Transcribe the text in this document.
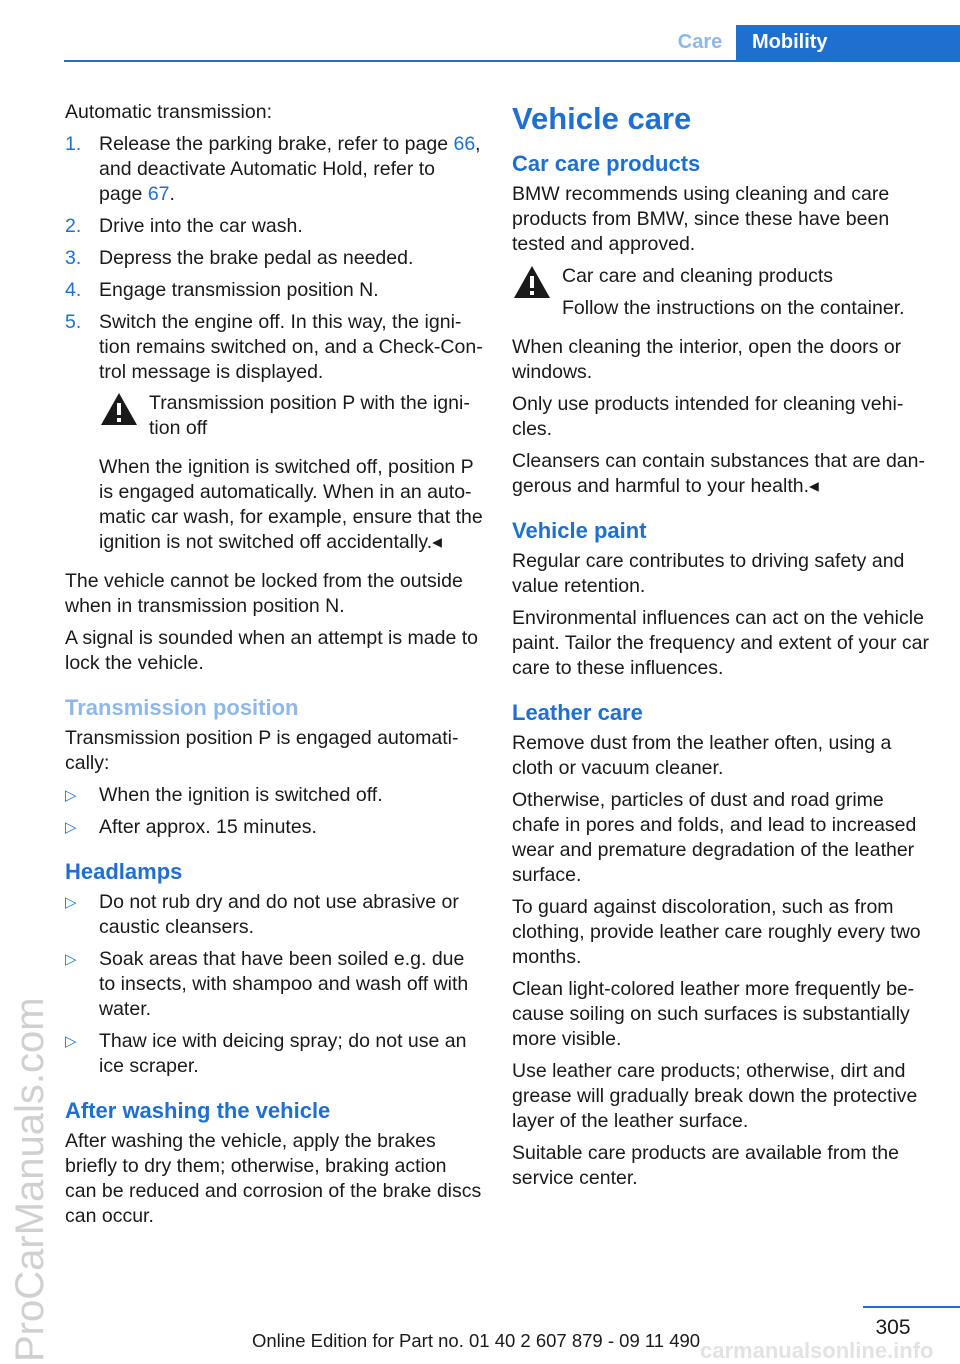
Care	Mobility
ProCarManuals.com

Automatic transmission:

1. Release the parking brake, refer to page 66, and deactivate Automatic Hold, refer to page 67.
2. Drive into the car wash.
3. Depress the brake pedal as needed.
4. Engage transmission position N.
5. Switch the engine off. In this way, the ignition remains switched on, and a Check-Control message is displayed.

Transmission position P with the ignition off

When the ignition is switched off, position P is engaged automatically. When in an automatic car wash, for example, ensure that the ignition is not switched off accidentally.◂

The vehicle cannot be locked from the outside when in transmission position N.

A signal is sounded when an attempt is made to lock the vehicle.

Transmission position

Transmission position P is engaged automatically:

▷	When the ignition is switched off.
▷	After approx. 15 minutes.
Headlamps
▷	Do not rub dry and do not use abrasive or caustic cleansers.
▷	Soak areas that have been soiled e.g. due to insects, with shampoo and wash off with water.
▷	Thaw ice with deicing spray; do not use an ice scraper.
After washing the vehicle

After washing the vehicle, apply the brakes briefly to dry them; otherwise, braking action can be reduced and corrosion of the brake discs can occur.

Vehicle care
Car care products

BMW recommends using cleaning and care products from BMW, since these have been tested and approved.

Car care and cleaning products

Follow the instructions on the container.

When cleaning the interior, open the doors or windows.

Only use products intended for cleaning vehicles.

Cleansers can contain substances that are dangerous and harmful to your health.◂

Vehicle paint

Regular care contributes to driving safety and value retention.

Environmental influences can act on the vehicle paint. Tailor the frequency and extent of your car care to these influences.

Leather care

Remove dust from the leather often, using a cloth or vacuum cleaner.

Otherwise, particles of dust and road grime chafe in pores and folds, and lead to increased wear and premature degradation of the leather surface.

To guard against discoloration, such as from clothing, provide leather care roughly every two months.

Clean light-colored leather more frequently because soiling on such surfaces is substantially more visible.

Use leather care products; otherwise, dirt and grease will gradually break down the protective layer of the leather surface.

Suitable care products are available from the service center.

305
carmanualsonline.info
Online Edition for Part no. 01 40 2 607 879 - 09 11 490
